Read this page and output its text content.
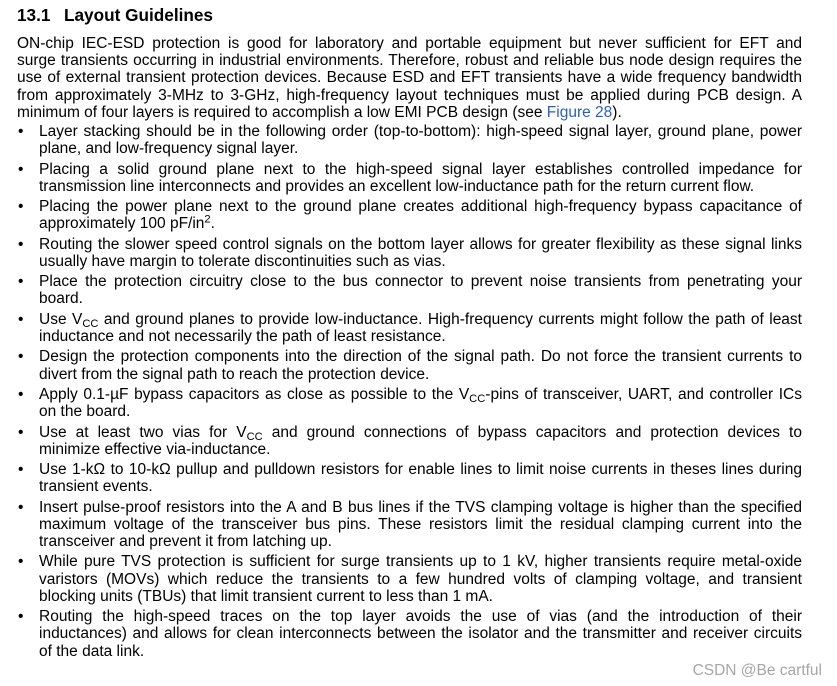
13.1 Layout Guidelines
ON-chip IEC-ESD protection is good for laboratory and portable equipment but never sufficient for EFT and
surge transients occurring in industrial environments. Therefore, robust and reliable bus node design requires the
use of external transient protection devices. Because ESD and EFT transients have a wide frequency bandwidth
from approximately 3-MHz to 3-GHz, high-frequency layout techniques must be applied during PCB design. A
minimum of four layers is required to accomplish a low EMI PCB design (see Figure 28).
• Layer stacking should be in the following order (top-to-bottom): high-speed signal layer, ground plane, power
plane, and low-frequency signal layer.
• Placing a solid ground plane next to the high-speed signal layer establishes controlled impedance for
transmission line interconnects and provides an excellent low-inductance path for the return current flow.
• Placing the power plane next to the ground plane creates additional high-frequency bypass capacitance of
approximately 100 $pF/in^2$.
• Routing the slower speed control signals on the bottom layer allows for greater flexibility as these signal links
usually have margin to tolerate discontinuities such as vias.
• Place the protection circuitry close to the bus connector to prevent noise transients from penetrating your
board.
• Use $V_{CC}$ and ground planes to provide low-inductance. High-frequency currents might follow the path of least
inductance and not necessarily the path of least resistance.
• Design the protection components into the direction of the signal path. Do not force the transient currents to
divert from the signal path to reach the protection device.
• Apply 0.1-µF bypass capacitors as close as possible to the $V_{CC}$-pins of transceiver, UART, and controller ICs
on the board.
• Use at least two vias for $V_{CC}$ and ground connections of bypass capacitors and protection devices to
minimize effective via-inductance.
• Use 1-kΩ to 10-kΩ pullup and pulldown resistors for enable lines to limit noise currents in theses lines during
transient events.
• Insert pulse-proof resistors into the A and B bus lines if the TVS clamping voltage is higher than the specified
maximum voltage of the transceiver bus pins. These resistors limit the residual clamping current into the
transceiver and prevent it from latching up.
• While pure TVS protection is sufficient for surge transients up to 1 kV, higher transients require metal-oxide
varistors (MOVs) which reduce the transients to a few hundred volts of clamping voltage, and transient
blocking units (TBUs) that limit transient current to less than 1 mA.
• Routing the high-speed traces on the top layer avoids the use of vias (and the introduction of their
inductances) and allows for clean interconnects between the isolator and the transmitter and receiver circuits
of the data link.
CSDN @Be cartful
